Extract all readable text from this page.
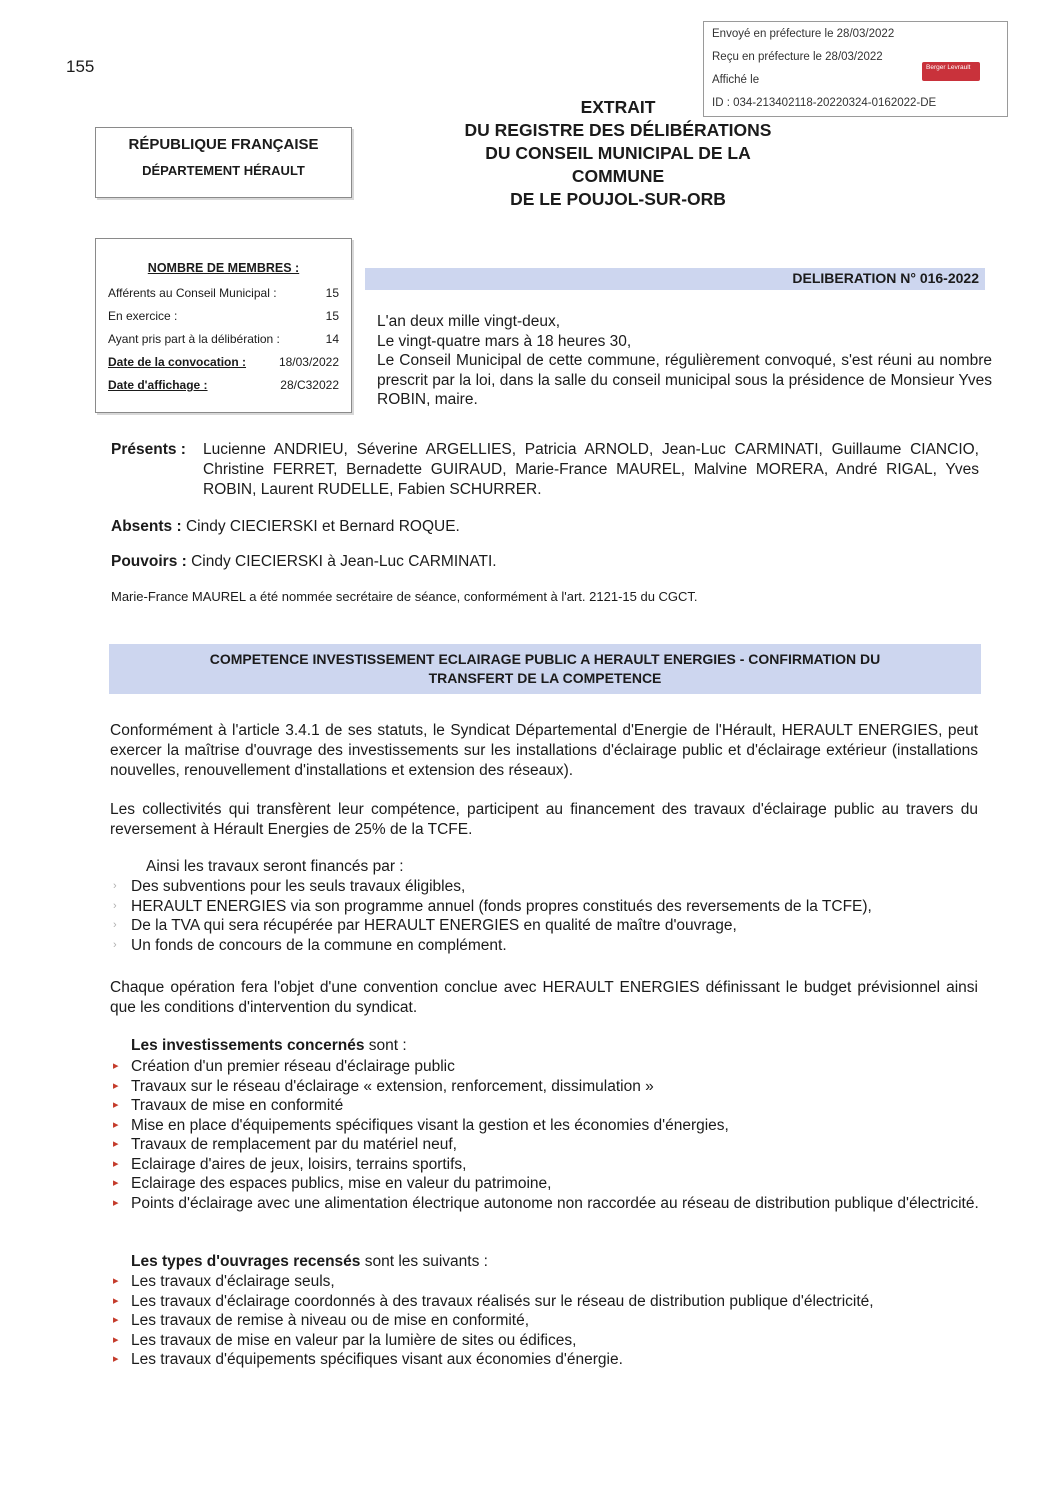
155
Envoyé en préfecture le 28/03/2022
Reçu en préfecture le 28/03/2022
Affiché le
ID : 034-213402118-20220324-0162022-DE
Berger Levrault
RÉPUBLIQUE FRANÇAISE
DÉPARTEMENT HÉRAULT
EXTRAIT
DU REGISTRE DES DÉLIBÉRATIONS
DU CONSEIL MUNICIPAL DE LA
COMMUNE
DE LE POUJOL-SUR-ORB
NOMBRE DE MEMBRES :
Afférents au Conseil Municipal :	15
En exercice :	15
Ayant pris part à la délibération :	14
Date de la convocation :	18/03/2022
Date d'affichage :	28/C32022
DELIBERATION N° 016-2022
L'an deux mille vingt-deux,
Le vingt-quatre mars à 18 heures 30,
Le Conseil Municipal de cette commune, régulièrement convoqué, s'est réuni au nombre prescrit par la loi, dans la salle du conseil municipal sous la présidence de Monsieur Yves ROBIN, maire.
Présents : Lucienne ANDRIEU, Séverine ARGELLIES, Patricia ARNOLD, Jean-Luc CARMINATI, Guillaume CIANCIO, Christine FERRET, Bernadette GUIRAUD, Marie-France MAUREL, Malvine MORERA, André RIGAL, Yves ROBIN, Laurent RUDELLE, Fabien SCHURRER.
Absents : Cindy CIECIERSKI et Bernard ROQUE.
Pouvoirs : Cindy CIECIERSKI à Jean-Luc CARMINATI.
Marie-France MAUREL a été nommée secrétaire de séance, conformément à l'art. 2121-15 du CGCT.
COMPETENCE INVESTISSEMENT ECLAIRAGE PUBLIC A HERAULT ENERGIES - CONFIRMATION DU
TRANSFERT DE LA COMPETENCE
Conformément à l'article 3.4.1 de ses statuts, le Syndicat Départemental d'Energie de l'Hérault, HERAULT ENERGIES, peut exercer la maîtrise d'ouvrage des investissements sur les installations d'éclairage public et d'éclairage extérieur (installations nouvelles, renouvellement d'installations et extension des réseaux).
Les collectivités qui transfèrent leur compétence, participent au financement des travaux d'éclairage public au travers du reversement à Hérault Energies de 25% de la TCFE.
Ainsi les travaux seront financés par :
› Des subventions pour les seuls travaux éligibles,
› HERAULT ENERGIES via son programme annuel (fonds propres constitués des reversements de la TCFE),
› De la TVA qui sera récupérée par HERAULT ENERGIES en qualité de maître d'ouvrage,
› Un fonds de concours de la commune en complément.
Chaque opération fera l'objet d'une convention conclue avec HERAULT ENERGIES définissant le budget prévisionnel ainsi que les conditions d'intervention du syndicat.
Les investissements concernés sont :
▸ Création d'un premier réseau d'éclairage public
▸ Travaux sur le réseau d'éclairage « extension, renforcement, dissimulation »
▸ Travaux de mise en conformité
▸ Mise en place d'équipements spécifiques visant la gestion et les économies d'énergies,
▸ Travaux de remplacement par du matériel neuf,
▸ Eclairage d'aires de jeux, loisirs, terrains sportifs,
▸ Eclairage des espaces publics, mise en valeur du patrimoine,
▸ Points d'éclairage avec une alimentation électrique autonome non raccordée au réseau de distribution publique d'électricité.
Les types d'ouvrages recensés sont les suivants :
▸ Les travaux d'éclairage seuls,
▸ Les travaux d'éclairage coordonnés à des travaux réalisés sur le réseau de distribution publique d'électricité,
▸ Les travaux de remise à niveau ou de mise en conformité,
▸ Les travaux de mise en valeur par la lumière de sites ou édifices,
▸ Les travaux d'équipements spécifiques visant aux économies d'énergie.
